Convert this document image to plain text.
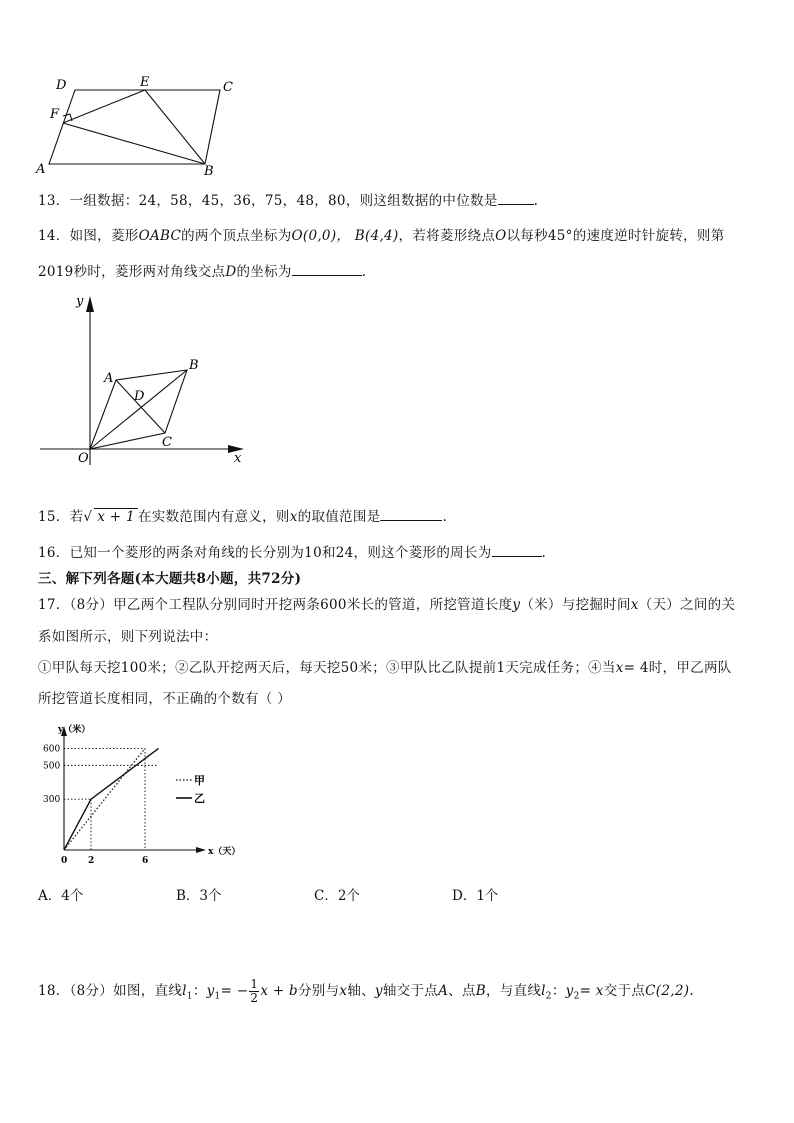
D	E	C
F
A	B
13．一组数据：24，58，45，36，75，48，80，则这组数据的中位数是	.
14．如图，菱形OABC的两个顶点坐标为O(0,0)， B(4,4)，若将菱形绕点O以每秒45°的速度逆时针旋转，则第
2019秒时，菱形两对角线交点D的坐标为	.
y
x
O
A
B
C
D
15．若√ x + 1 在实数范围内有意义，则x的取值范围是	.
16．已知一个菱形的两条对角线的长分别为10和24，则这个菱形的周长为	.
三、解下列各题(本大题共8小题，共72分)
17．（8分）甲乙两个工程队分别同时开挖两条600米长的管道，所挖管道长度y（米）与挖掘时间x（天）之间的关
系如图所示，则下列说法中：
①甲队每天挖100米；②乙队开挖两天后，每天挖50米；③甲队比乙队提前1天完成任务；④当x= 4时，甲乙两队
所挖管道长度相同，不正确的个数有（ ）
y（米）
x（天）
600
500
300
0 2	6
甲
乙
A．4个	B．3个	C．2个	D．1个
18．（8分）如图，直线$l_1$：$y_1= - \frac{1}{2}$ x + b分别与x轴、y轴交于点A、点B，与直线$l_2$：$y_2= x$交于点C(2,2).
